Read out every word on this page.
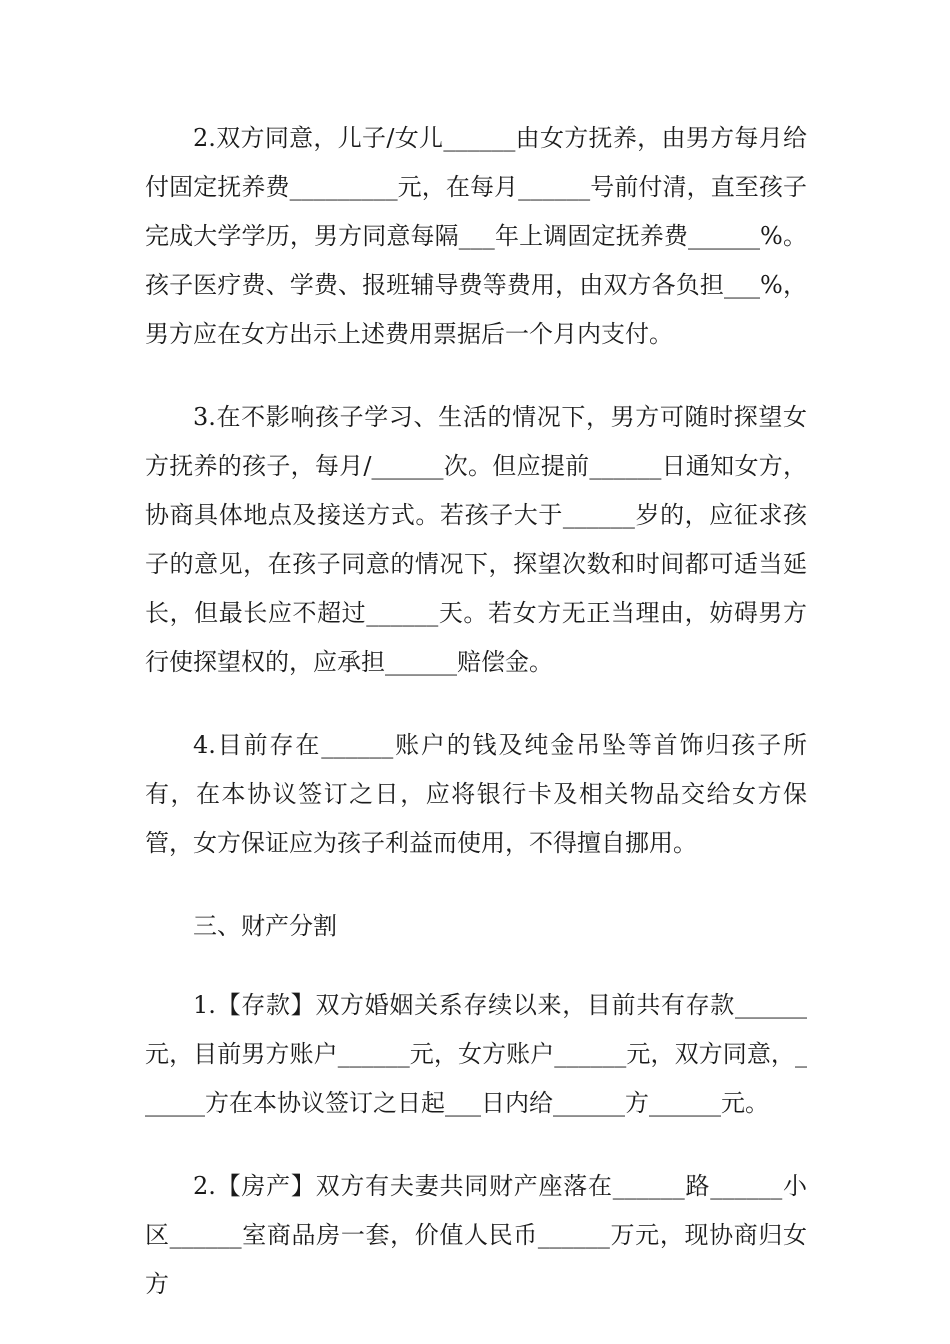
2.双方同意，儿子/女儿______由女方抚养，由男方每月给付固定抚养费_________元，在每月______号前付清，直至孩子完成大学学历，男方同意每隔___年上调固定抚养费______%。孩子医疗费、学费、报班辅导费等费用，由双方各负担___%，男方应在女方出示上述费用票据后一个月内支付。

3.在不影响孩子学习、生活的情况下，男方可随时探望女方抚养的孩子，每月/______次。但应提前______日通知女方，协商具体地点及接送方式。若孩子大于______岁的，应征求孩子的意见，在孩子同意的情况下，探望次数和时间都可适当延长，但最长应不超过______天。若女方无正当理由，妨碍男方行使探望权的，应承担______赔偿金。

4.目前存在______账户的钱及纯金吊坠等首饰归孩子所有，在本协议签订之日，应将银行卡及相关物品交给女方保管，女方保证应为孩子利益而使用，不得擅自挪用。

三、财产分割

1.【存款】双方婚姻关系存续以来，目前共有存款______元，目前男方账户______元，女方账户______元，双方同意，______方在本协议签订之日起___日内给______方______元。

2.【房产】双方有夫妻共同财产座落在______路______小区______室商品房一套，价值人民币______万元，现协商归女方
